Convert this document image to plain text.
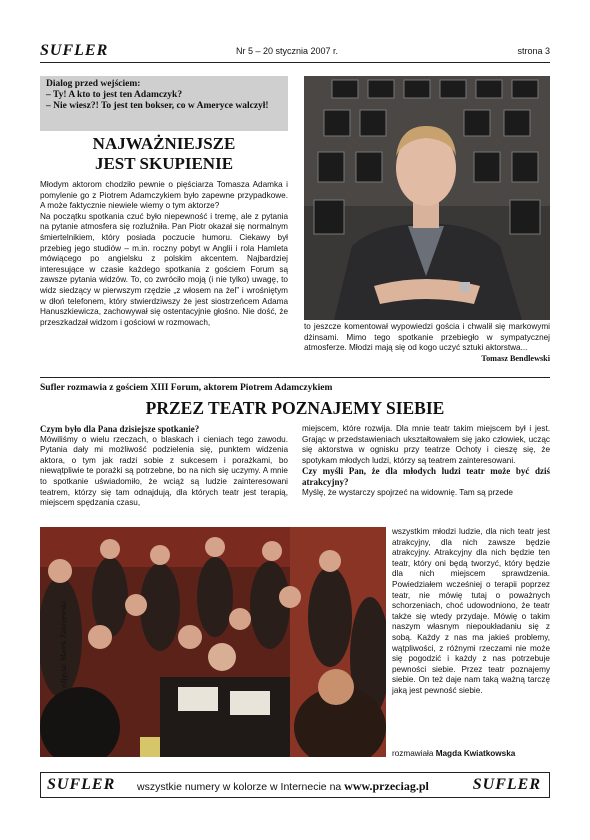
SUFLER	Nr 5 – 20 stycznia 2007 r.	strona 3
Dialog przed wejściem:
– Ty! A kto to jest ten Adamczyk?
– Nie wiesz?! To jest ten bokser, co w Ameryce walczył!
NAJWAŻNIEJSZE
JEST SKUPIENIE

Młodym aktorom chodziło pewnie o pięściarza Tomasza Adamka i pomylenie go z Piotrem Adamczykiem było zapewne przypadkowe. A może faktycznie niewiele wiemy o tym aktorze?

Na początku spotkania czuć było niepewność i tremę, ale z pytania na pytanie atmosfera się rozluźniła. Pan Piotr okazał się normalnym śmiertelnikiem, który posiada poczucie humoru. Ciekawy był przebieg jego studiów – m.in. roczny pobyt w Anglii i rola Hamleta mówiącego po angielsku z polskim akcentem. Najbardziej interesujące w czasie każdego spotkania z gościem Forum są zawsze pytania widzów. To, co zwróciło moją (i nie tylko) uwagę, to widz siedzący w pierwszym rzędzie „z włosem na żel” i wrośniętym w dłoń telefonem, który stwierdziwszy że jest siostrzeńcem Adama Hanuszkiewicza, zachowywał się ostentacyjnie głośno. Nie dość, że przeszkadzał widzom i gościowi w rozmowach,	to jeszcze komentował wypowiedzi gościa i chwalił się markowymi dżinsami. Mimo tego spotkanie przebiegło w sympatycznej atmosferze. Młodzi mają się od kogo uczyć sztuki aktorstwa...
Tomasz Bendlewski
Sufler rozmawia z gościem XIII Forum, aktorem Piotrem Adamczykiem
PRZEZ TEATR POZNAJEMY SIEBIE

Czym było dla Pana dzisiejsze spotkanie?

Mówiliśmy o wielu rzeczach, o blaskach i cieniach tego zawodu. Pytania dały mi możliwość podzielenia się, punktem widzenia aktora, o tym jak radzi sobie z sukcesem i porażkami, bo niewątpliwie te porażki są potrzebne, bo na nich się uczymy. A mnie to spotkanie uświadomiło, że wciąż są ludzie zainteresowani teatrem, którzy się tam odnajdują, dla których teatr jest terapią, miejscem spędzania czasu,

miejscem, które rozwija. Dla mnie teatr takim miejscem był i jest. Grając w przedstawieniach ukształtowałem się jako człowiek, ucząc się aktorstwa w ognisku przy teatrze Ochoty i cieszę się, że spotykam młodych ludzi, którzy są teatrem zainteresowani.

Czy myśli Pan, że dla młodych ludzi teatr może być dziś atrakcyjny?

Myślę, że wystarczy spojrzeć na widownię. Tam są przede

zdjęcia: Marek Zakrzewski
wszystkim młodzi ludzie, dla nich teatr jest atrakcyjny, dla nich zawsze będzie atrakcyjny. Atrakcyjny dla nich będzie ten teatr, który oni będą tworzyć, który będzie dla nich miejscem sprawdzenia. Powiedziałem wcześniej o terapii poprzez teatr, nie mówię tutaj o poważnych schorzeniach, choć udowodniono, że teatr także się wtedy przydaje. Mówię o takim naszym własnym niepoukładaniu się z sobą. Każdy z nas ma jakieś problemy, wątpliwości, z różnymi rzeczami nie może się pogodzić i każdy z nas potrzebuje pewności siebie. Przez teatr poznajemy siebie. On też daje nam taką ważną tarczę jaką jest pewność siebie.
rozmawiała Magda Kwiatkowska
SUFLER wszystkie numery w kolorze w Internecie na www.przeciag.pl	SUFLER
